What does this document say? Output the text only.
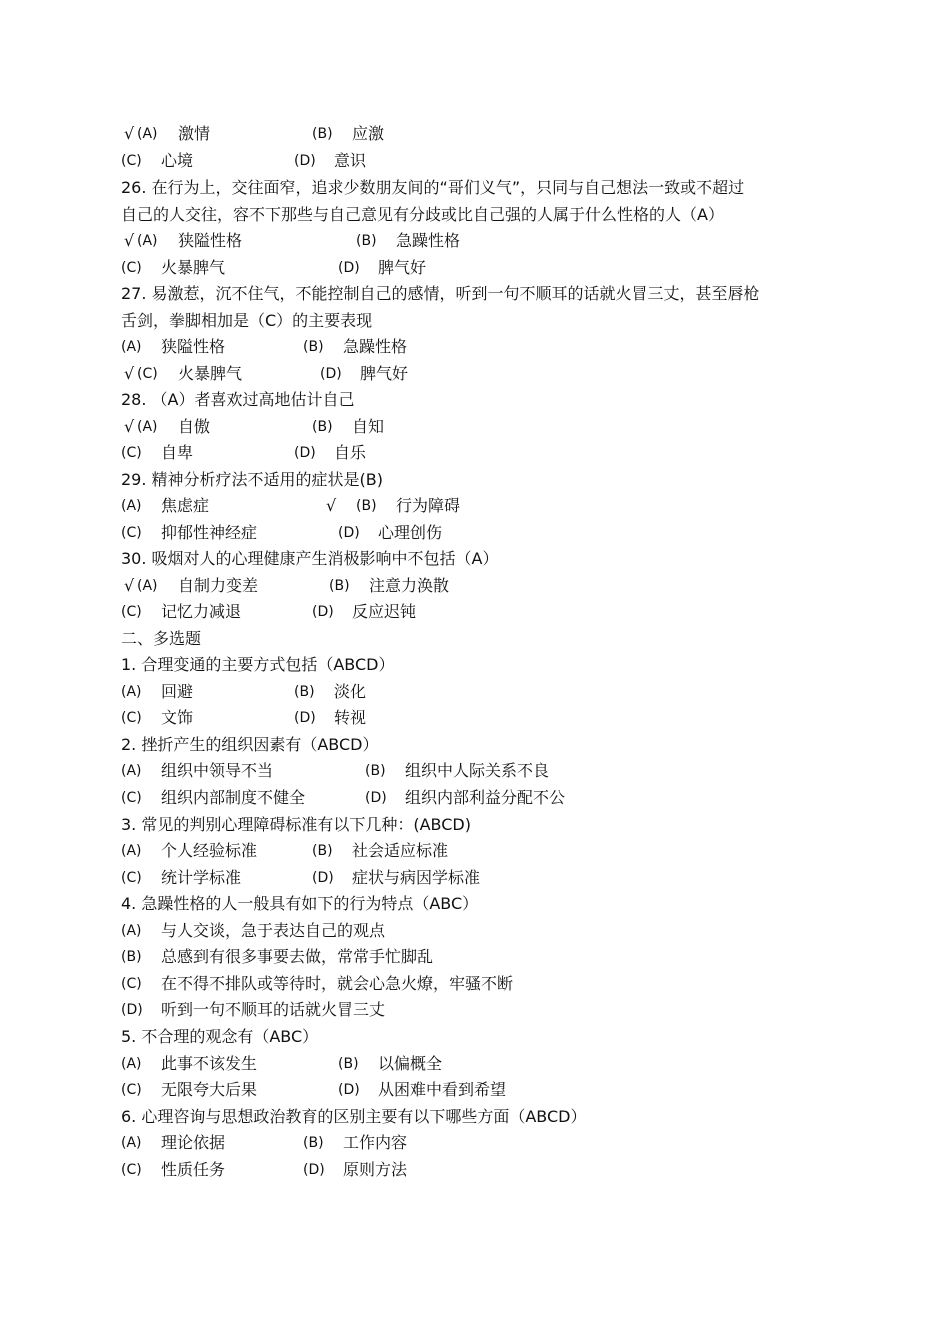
√ (A) 激情	(B) 应激
(C) 心境	(D) 意识
26. 在行为上，交往面窄，追求少数朋友间的“哥们义气”，只同与自己想法一致或不超过
自己的人交往，容不下那些与自己意见有分歧或比自己强的人属于什么性格的人（A）
√ (A) 狭隘性格	(B) 急躁性格
(C) 火暴脾气	(D) 脾气好
27. 易激惹，沉不住气，不能控制自己的感情，听到一句不顺耳的话就火冒三丈，甚至唇枪
舌剑，拳脚相加是（C）的主要表现
(A) 狭隘性格	(B) 急躁性格
√ (C) 火暴脾气	(D) 脾气好
28. （A）者喜欢过高地估计自己
√ (A) 自傲	(B) 自知
(C) 自卑	(D) 自乐
29. 精神分析疗法不适用的症状是(B)
(A) 焦虑症	√ (B) 行为障碍
(C) 抑郁性神经症	(D) 心理创伤
30. 吸烟对人的心理健康产生消极影响中不包括（A）
√ (A) 自制力变差	(B) 注意力涣散
(C) 记忆力减退	(D) 反应迟钝
二、多选题
1. 合理变通的主要方式包括（ABCD）
(A) 回避	(B) 淡化
(C) 文饰	(D) 转视
2. 挫折产生的组织因素有（ABCD）
(A) 组织中领导不当	(B) 组织中人际关系不良
(C) 组织内部制度不健全	(D) 组织内部利益分配不公
3. 常见的判别心理障碍标准有以下几种：(ABCD)
(A) 个人经验标准	(B) 社会适应标准
(C) 统计学标准	(D) 症状与病因学标准
4. 急躁性格的人一般具有如下的行为特点（ABC）
(A) 与人交谈，急于表达自己的观点
(B) 总感到有很多事要去做，常常手忙脚乱
(C) 在不得不排队或等待时，就会心急火燎，牢骚不断
(D) 听到一句不顺耳的话就火冒三丈
5. 不合理的观念有（ABC）
(A) 此事不该发生	(B) 以偏概全
(C) 无限夸大后果	(D) 从困难中看到希望
6. 心理咨询与思想政治教育的区别主要有以下哪些方面（ABCD）
(A) 理论依据	(B) 工作内容
(C) 性质任务	(D) 原则方法
